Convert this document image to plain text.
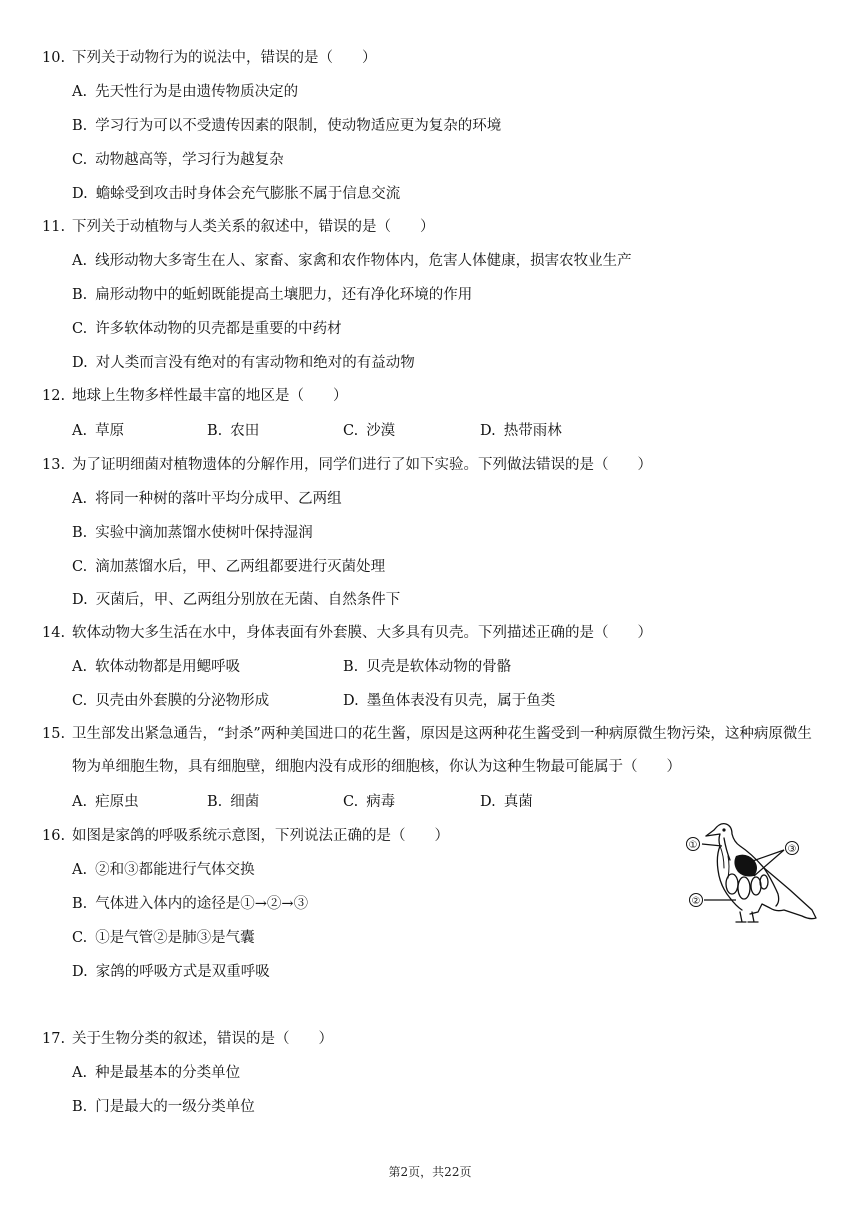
10. 下列关于动物行为的说法中，错误的是（　　）
A. 先天性行为是由遗传物质决定的
B. 学习行为可以不受遗传因素的限制，使动物适应更为复杂的环境
C. 动物越高等，学习行为越复杂
D. 蟾蜍受到攻击时身体会充气膨胀不属于信息交流
11. 下列关于动植物与人类关系的叙述中，错误的是（　　）
A. 线形动物大多寄生在人、家畜、家禽和农作物体内，危害人体健康，损害农牧业生产
B. 扁形动物中的蚯蚓既能提高土壤肥力，还有净化环境的作用
C. 许多软体动物的贝壳都是重要的中药材
D. 对人类而言没有绝对的有害动物和绝对的有益动物
12. 地球上生物多样性最丰富的地区是（　　）
A. 草原	B. 农田	C. 沙漠	D. 热带雨林
13. 为了证明细菌对植物遗体的分解作用，同学们进行了如下实验。下列做法错误的是（　　）
A. 将同一种树的落叶平均分成甲、乙两组
B. 实验中滴加蒸馏水使树叶保持湿润
C. 滴加蒸馏水后，甲、乙两组都要进行灭菌处理
D. 灭菌后，甲、乙两组分别放在无菌、自然条件下
14. 软体动物大多生活在水中，身体表面有外套膜、大多具有贝壳。下列描述正确的是（　　）
A. 软体动物都是用鳃呼吸	B. 贝壳是软体动物的骨骼
C. 贝壳由外套膜的分泌物形成	D. 墨鱼体表没有贝壳，属于鱼类
15. 卫生部发出紧急通告，“封杀”两种美国进口的花生酱，原因是这两种花生酱受到一种病原微生物污染，这种病原微生物为单细胞生物，具有细胞壁，细胞内没有成形的细胞核，你认为这种生物最可能属于（　　）
A. 疟原虫	B. 细菌	C. 病毒	D. 真菌
16. 如图是家鸽的呼吸系统示意图，下列说法正确的是（　　）
A. ②和③都能进行气体交换
B. 气体进入体内的途径是①→②→③
C. ①是气管②是肺③是气囊
D. 家鸽的呼吸方式是双重呼吸
①
②
③
17. 关于生物分类的叙述，错误的是（　　）
A. 种是最基本的分类单位
B. 门是最大的一级分类单位
第2页，共22页
